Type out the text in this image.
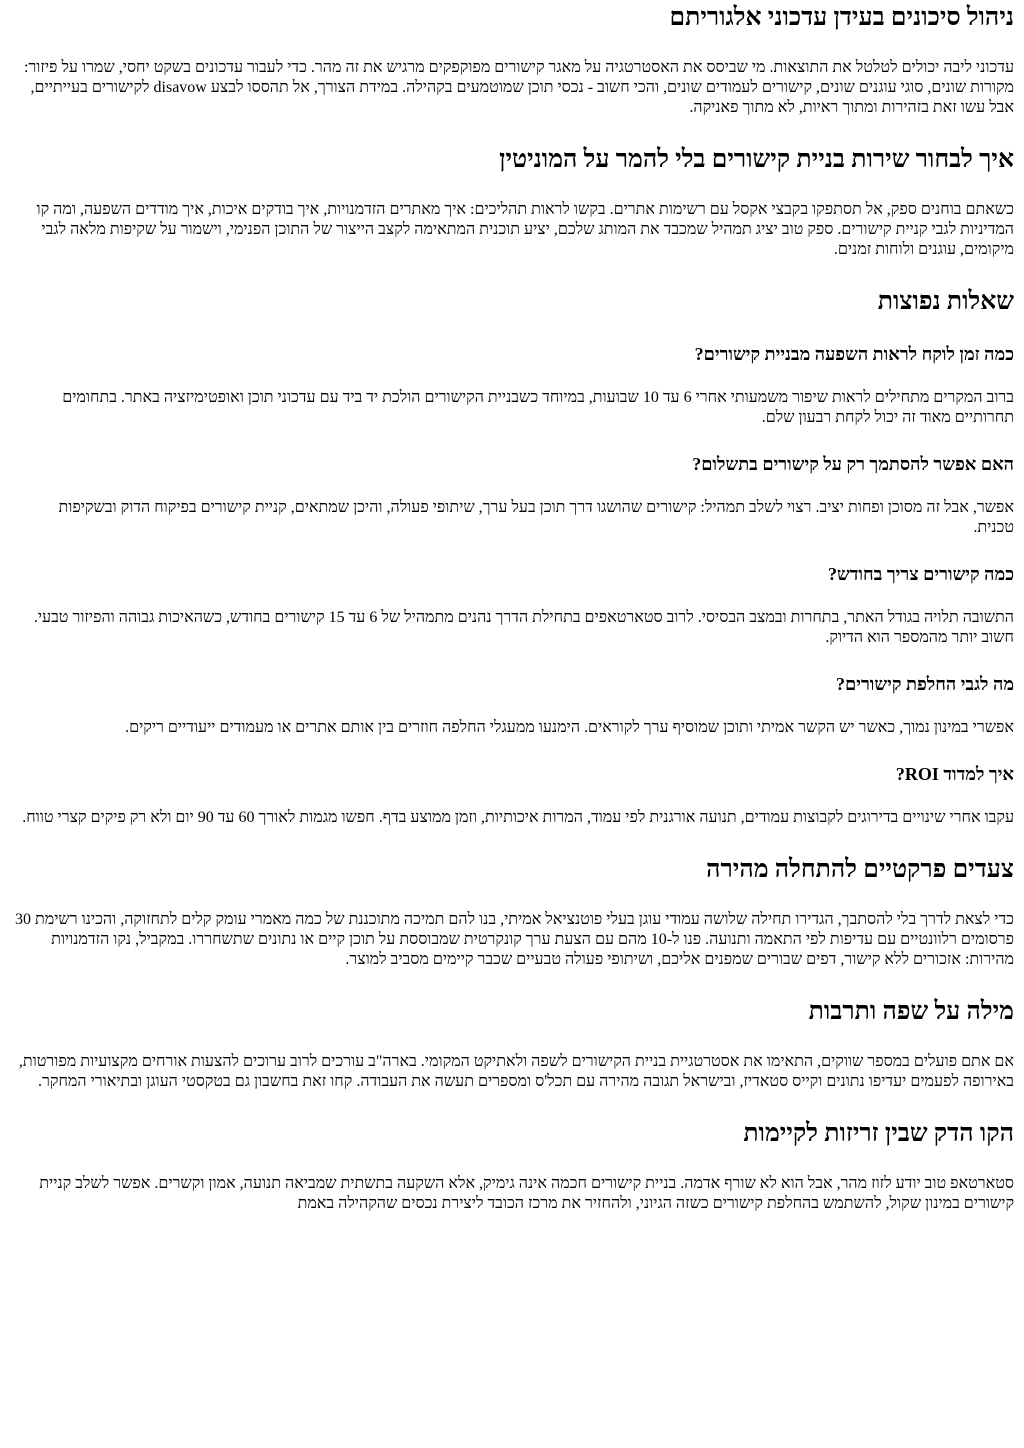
ניהול סיכונים בעידן עדכוני אלגוריתם

עדכוני ליבה יכולים לטלטל את התוצאות. מי שביסס את האסטרטגיה על מאגר קישורים מפוקפקים מרגיש את זה מהר. כדי לעבור עדכונים בשקט יחסי, שמרו על פיזור: מקורות שונים, סוגי עוגנים שונים, קישורים לעמודים שונים, והכי חשוב - נכסי תוכן שמוטמעים בקהילה. במידת הצורך, אל תהססו לבצע disavow לקישורים בעייתיים, אבל עשו זאת בזהירות ומתוך ראיות, לא מתוך פאניקה.

איך לבחור שירות בניית קישורים בלי להמר על המוניטין

כשאתם בוחנים ספק, אל תסתפקו בקבצי אקסל עם רשימות אתרים. בקשו לראות תהליכים: איך מאתרים הזדמנויות, איך בודקים איכות, איך מודדים השפעה, ומה קו המדיניות לגבי קניית קישורים. ספק טוב יציג תמהיל שמכבד את המותג שלכם, יציע תוכנית המתאימה לקצב הייצור של התוכן הפנימי, וישמור על שקיפות מלאה לגבי מיקומים, עוגנים ולוחות זמנים.

שאלות נפוצות
כמה זמן לוקח לראות השפעה מבניית קישורים?

ברוב המקרים מתחילים לראות שיפור משמעותי אחרי 6 עד 10 שבועות, במיוחד כשבניית הקישורים הולכת יד ביד עם עדכוני תוכן ואופטימיזציה באתר. בתחומים תחרותיים מאוד זה יכול לקחת רבעון שלם.

האם אפשר להסתמך רק על קישורים בתשלום?

אפשר, אבל זה מסוכן ופחות יציב. רצוי לשלב תמהיל: קישורים שהושגו דרך תוכן בעל ערך, שיתופי פעולה, והיכן שמתאים, קניית קישורים בפיקוח הדוק ובשקיפות טכנית.

כמה קישורים צריך בחודש?

התשובה תלויה בגודל האתר, בתחרות ובמצב הבסיסי. לרוב סטארטאפים בתחילת הדרך נהנים מתמהיל של 6 עד 15 קישורים בחודש, כשהאיכות גבוהה והפיזור טבעי. חשוב יותר מהמספר הוא הדיוק.

מה לגבי החלפת קישורים?

אפשרי במינון נמוך, כאשר יש הקשר אמיתי ותוכן שמוסיף ערך לקוראים. הימנעו ממעגלי החלפה חוזרים בין אותם אתרים או מעמודים ייעודיים ריקים.

איך למדוד ROI?

עקבו אחרי שינויים בדירוגים לקבוצות עמודים, תנועה אורגנית לפי עמוד, המרות איכותיות, וזמן ממוצע בדף. חפשו מגמות לאורך 60 עד 90 יום ולא רק פיקים קצרי טווח.

צעדים פרקטיים להתחלה מהירה

כדי לצאת לדרך בלי להסתבך, הגדירו תחילה שלושה עמודי עוגן בעלי פוטנציאל אמיתי, בנו להם תמיכה מתוכננת של כמה מאמרי עומק קלים לתחזוקה, והכינו רשימת 30 פרסומים רלוונטיים עם עדיפות לפי התאמה ותנועה. פנו ל-10 מהם עם הצעת ערך קונקרטית שמבוססת על תוכן קיים או נתונים שתשחררו. במקביל, נקו הזדמנויות מהירות: אזכורים ללא קישור, דפים שבורים שמפנים אליכם, ושיתופי פעולה טבעיים שכבר קיימים מסביב למוצר.

מילה על שפה ותרבות

אם אתם פועלים במספר שווקים, התאימו את אסטרטגיית בניית הקישורים לשפה ולאתיקט המקומי. בארה"ב עורכים לרוב ערוכים להצעות אורחים מקצועיות מפורטות, באירופה לפעמים יעדיפו נתונים וקייס סטאדיז, ובישראל תגובה מהירה עם תכל'ס ומספרים תעשה את העבודה. קחו זאת בחשבון גם בטקסטי העוגן ובתיאורי המחקר.

הקו הדק שבין זריזות לקיימות

סטארטאפ טוב יודע לזוז מהר, אבל הוא לא שורף אדמה. בניית קישורים חכמה אינה גימיק, אלא השקעה בתשתית שמביאה תנועה, אמון וקשרים. אפשר לשלב קניית קישורים במינון שקול, להשתמש בהחלפת קישורים כשזה הגיוני, ולהחזיר את מרכז הכובד ליצירת נכסים שהקהילה באמת
